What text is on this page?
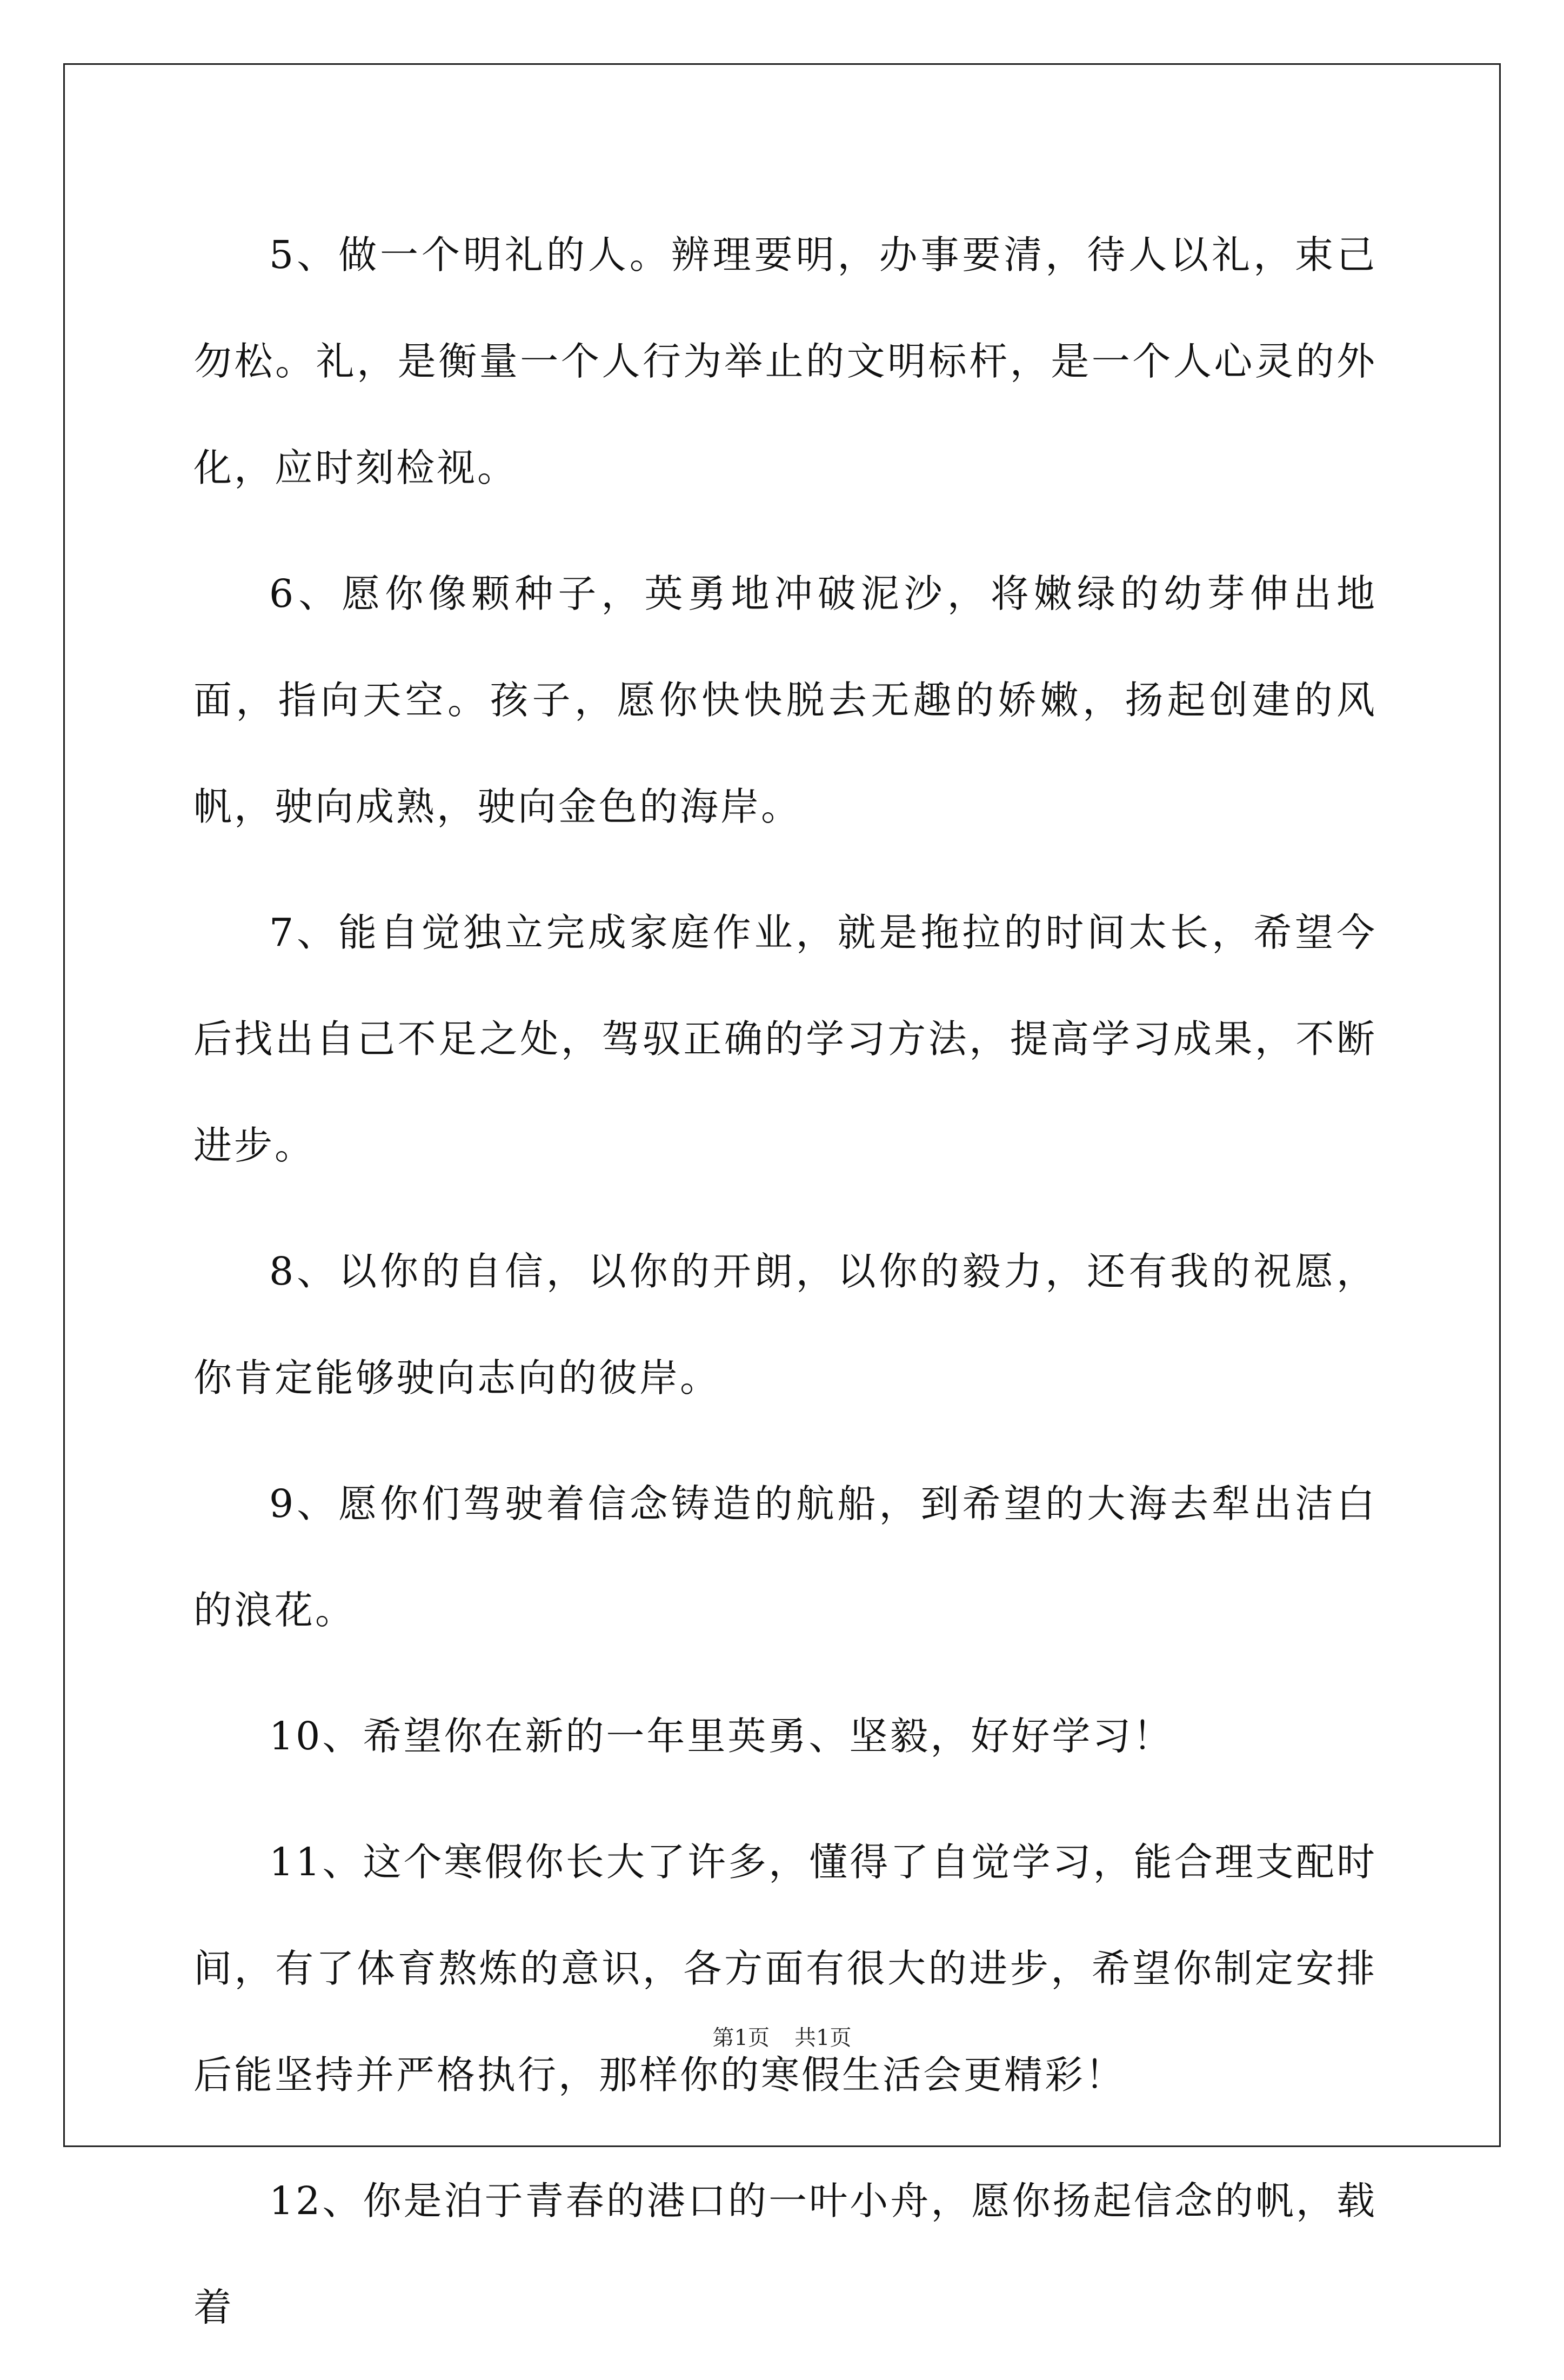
5、做一个明礼的人。辨理要明，办事要清，待人以礼，束己勿松。礼，是衡量一个人行为举止的文明标杆，是一个人心灵的外化，应时刻检视。

6、愿你像颗种子，英勇地冲破泥沙，将嫩绿的幼芽伸出地面，指向天空。孩子，愿你快快脱去无趣的娇嫩，扬起创建的风帆，驶向成熟，驶向金色的海岸。

7、能自觉独立完成家庭作业，就是拖拉的时间太长，希望今后找出自己不足之处，驾驭正确的学习方法，提高学习成果，不断进步。

8、以你的自信，以你的开朗，以你的毅力，还有我的祝愿，你肯定能够驶向志向的彼岸。

9、愿你们驾驶着信念铸造的航船，到希望的大海去犁出洁白的浪花。

10、希望你在新的一年里英勇、坚毅，好好学习！

11、这个寒假你长大了许多，懂得了自觉学习，能合理支配时间，有了体育熬炼的意识，各方面有很大的进步，希望你制定安排后能坚持并严格执行，那样你的寒假生活会更精彩！

12、你是泊于青春的港口的一叶小舟，愿你扬起信念的帆，载着

第1页 共1页
